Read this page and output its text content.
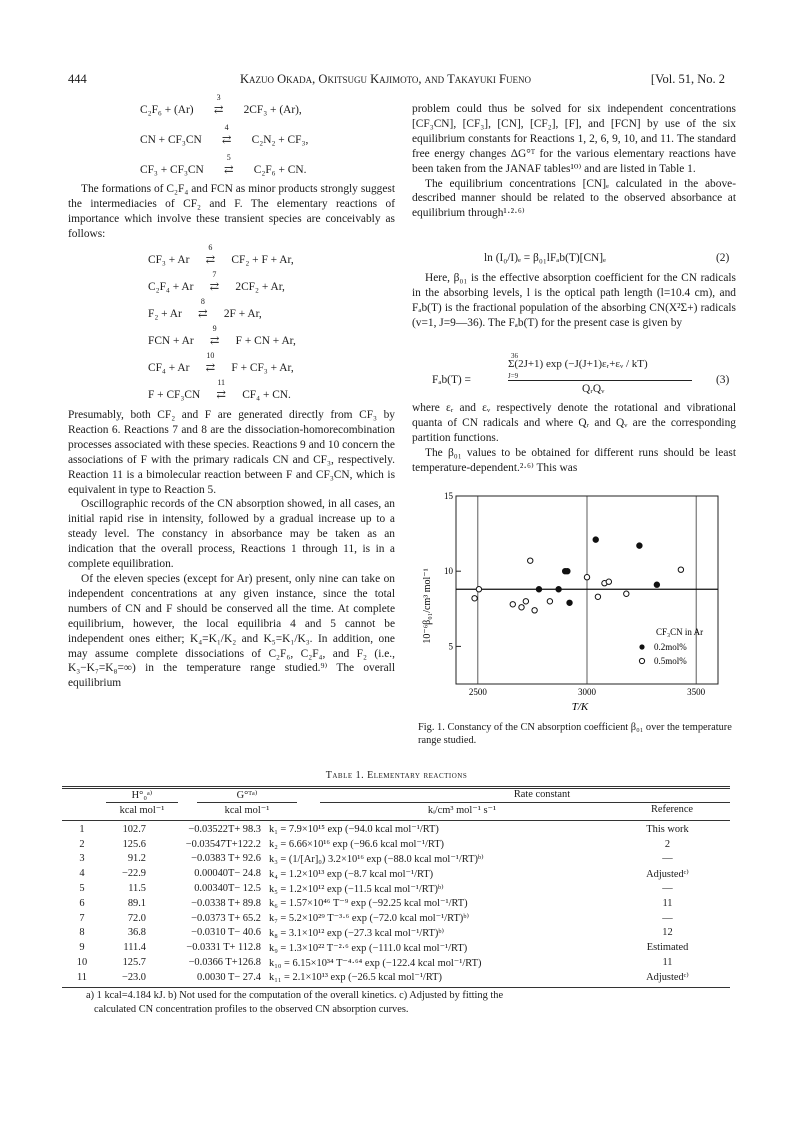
444	Kazuo Okada, Okitsugu Kajimoto, and Takayuki Fueno	[Vol. 51, No. 2
C₂F₆ + (Ar)
3
⇄ 2CF₃ + (Ar),
CN + CF₃CN
4
⇄ C₂N₂ + CF₃,
CF₃ + CF₃CN
5
⇄ C₂F₆ + CN.

The formations of C₂F₄ and FCN as minor products strongly suggest the intermediacies of CF₂ and F. The elementary reactions of importance which involve these transient species are conceivably as follows:

CF₃ + Ar
6
⇄ CF₂ + F + Ar,
C₂F₄ + Ar
7
⇄ 2CF₂ + Ar,
F₂ + Ar
8
⇄ 2F + Ar,
FCN + Ar
9
⇄ F + CN + Ar,
CF₄ + Ar
10
⇄ F + CF₃ + Ar,
F + CF₃CN
11
⇄ CF₄ + CN.

Presumably, both CF₂ and F are generated directly from CF₃ by Reaction 6. Reactions 7 and 8 are the dissociation-homorecombination processes associated with these species. Reactions 9 and 10 concern the associations of F with the primary radicals CN and CF₃, respectively. Reaction 11 is a bimolecular reaction between F and CF₃CN, which is equivalent in type to Reaction 5.

Oscillographic records of the CN absorption showed, in all cases, an initial rapid rise in intensity, followed by a gradual increase up to a steady level. The constancy in absorbance may be taken as an indication that the overall process, Reactions 1 through 11, is in a complete equilibration.

Of the eleven species (except for Ar) present, only nine can take on independent concentrations at any given instance, since the total numbers of CN and F should be conserved all the time. At complete equilibrium, however, the local equilibria 4 and 5 cannot be independent ones either; K₄=K₁/K₂ and K₅=K₁/K₃. In addition, one may assume complete dissociations of C₂F₆, C₂F₄, and F₂ (i.e., K₃−K₇=K₈=∞) in the temperature range studied.⁹⁾ The overall equilibrium

problem could thus be solved for six independent concentrations [CF₃CN], [CF₃], [CN], [CF₂], [F], and [FCN] by use of the six equilibrium constants for Reactions 1, 2, 6, 9, 10, and 11. The standard free energy changes ΔG°ᵀ for the various elementary reactions have been taken from the JANAF tables¹⁰⁾ and are listed in Table 1.

The equilibrium concentrations [CN]ₑ calculated in the above-described manner should be related to the observed absorbance at equilibrium through¹·²·⁶⁾

ln (I₀/I)ₑ = β₀₁lFₐb(T)[CN]ₑ	(2)

Here, β₀₁ is the effective absorption coefficient for the CN radicals in the absorbing levels, l is the optical path length (l=10.4 cm), and Fₐb(T) is the fractional population of the absorbing CN(X²Σ+) radicals (v=1, J=9—36). The Fₐb(T) for the present case is given by

Fₐb(T) =
36
Σ(2J+1) exp (−J(J+1)εᵣ+εᵥ / kT)
J=9
QᵣQᵥ
(3)

where εᵣ and εᵥ respectively denote the rotational and vibrational quanta of CN radicals and where Qᵣ and Qᵥ are the corresponding partition functions.

The β₀₁ values to be obtained for different runs should be least temperature-dependent.²·⁶⁾ This was

2500	3000	3500
5
10
15
T/K
10⁻⁶β₀₁/cm³ mol⁻¹	CF₃CN in Ar
0.2mol%
0.5mol%
Fig. 1. Constancy of the CN absorption coefficient β₀₁ over the temperature range studied.
Table 1. Elementary reactions
H°₀ᵃ⁾	G°ᵀᵃ⁾	Rate constant
kcal mol⁻¹	kcal mol⁻¹	kᵢ/cm³ mol⁻¹ s⁻¹	Reference
1	102.7	−0.03522T+ 98.3	k₁ = 7.9×10¹⁵ exp (−94.0 kcal mol⁻¹/RT)	This work
2	125.6	−0.03547T+122.2	k₂ = 6.66×10¹⁶ exp (−96.6 kcal mol⁻¹/RT)	2
3	91.2	−0.0383 T+ 92.6	k₃ = (1/[Ar]₀) 3.2×10¹⁶ exp (−88.0 kcal mol⁻¹/RT)ᵇ⁾	—
4	−22.9	0.00040T− 24.8	k₄ = 1.2×10¹³ exp (−8.7 kcal mol⁻¹/RT)	Adjustedᶜ⁾
5	11.5	0.00340T− 12.5	k₅ = 1.2×10¹² exp (−11.5 kcal mol⁻¹/RT)ᵇ⁾	—
6	89.1	−0.0338 T+ 89.8	k₆ = 1.57×10⁴⁶ T⁻⁹ exp (−92.25 kcal mol⁻¹/RT)	11
7	72.0	−0.0373 T+ 65.2	k₇ = 5.2×10²⁹ T⁻³·⁶ exp (−72.0 kcal mol⁻¹/RT)ᵇ⁾	—
8	36.8	−0.0310 T− 40.6	k₈ = 3.1×10¹² exp (−27.3 kcal mol⁻¹/RT)ᵇ⁾	12
9	111.4	−0.0331 T+ 112.8	k₉ = 1.3×10²² T⁻²·⁶ exp (−111.0 kcal mol⁻¹/RT)	Estimated
10	125.7	−0.0366 T+126.8	k₁₀ = 6.15×10³⁴ T⁻⁴·⁶⁴ exp (−122.4 kcal mol⁻¹/RT)	11
11	−23.0	0.0030 T− 27.4	k₁₁ = 2.1×10¹³ exp (−26.5 kcal mol⁻¹/RT)	Adjustedᶜ⁾
a) 1 kcal=4.184 kJ. b) Not used for the computation of the overall kinetics. c) Adjusted by fitting the
calculated CN concentration profiles to the observed CN absorption curves.
